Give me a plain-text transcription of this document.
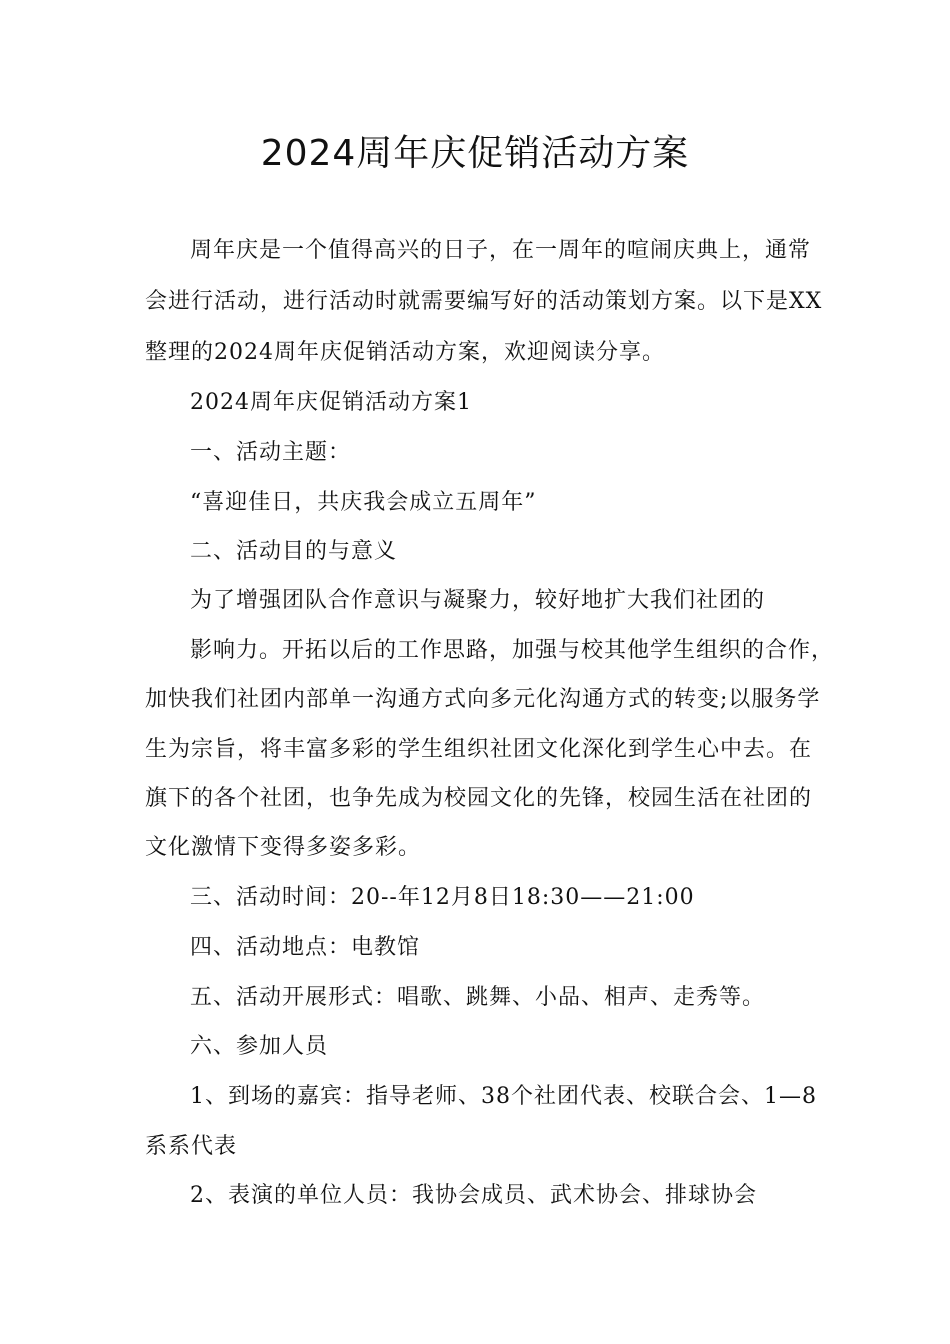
2024周年庆促销活动方案
周年庆是一个值得高兴的日子，在一周年的喧闹庆典上，通常
会进行活动，进行活动时就需要编写好的活动策划方案。以下是XX
整理的2024周年庆促销活动方案，欢迎阅读分享。
2024周年庆促销活动方案1
一、活动主题：
“喜迎佳日，共庆我会成立五周年”
二、活动目的与意义
为了增强团队合作意识与凝聚力，较好地扩大我们社团的
影响力。开拓以后的工作思路，加强与校其他学生组织的合作，
加快我们社团内部单一沟通方式向多元化沟通方式的转变;以服务学
生为宗旨，将丰富多彩的学生组织社团文化深化到学生心中去。在
旗下的各个社团，也争先成为校园文化的先锋，校园生活在社团的
文化激情下变得多姿多彩。
三、活动时间：20--年12月8日18:30——21:00
四、活动地点：电教馆
五、活动开展形式：唱歌、跳舞、小品、相声、走秀等。
六、参加人员
1、到场的嘉宾：指导老师、38个社团代表、校联合会、1—8
系系代表
2、表演的单位人员：我协会成员、武术协会、排球协会
